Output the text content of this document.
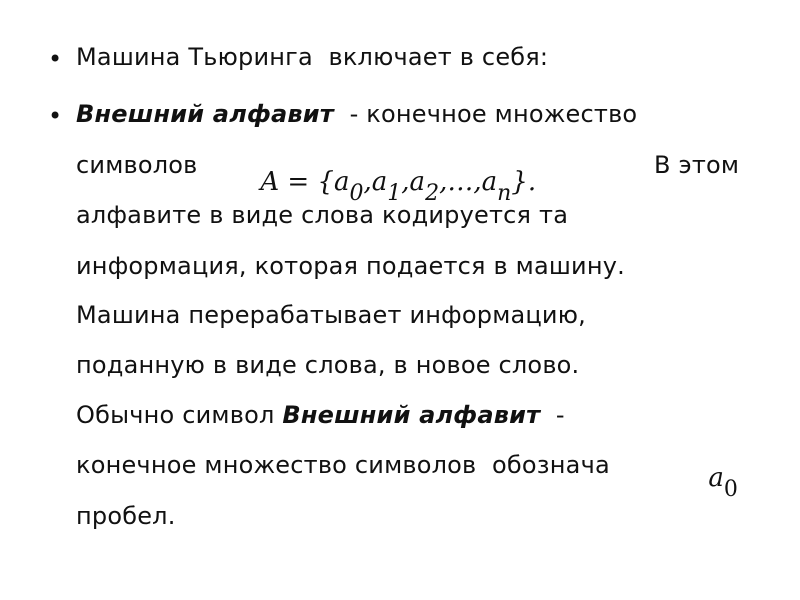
• Машина Тьюринга  включает в себя:
• Внешний алфавит  - конечное множество
символов

A = {a0,a1,a2,…,an}.

В этом
алфавите в виде слова кодируется та
информация, которая подается в машину.
Машина перерабатывает информацию,
поданную в виде слова, в новое слово.
Обычно символ Внешний алфавит  -
конечное множество символов  обознача	a0

пробел.
